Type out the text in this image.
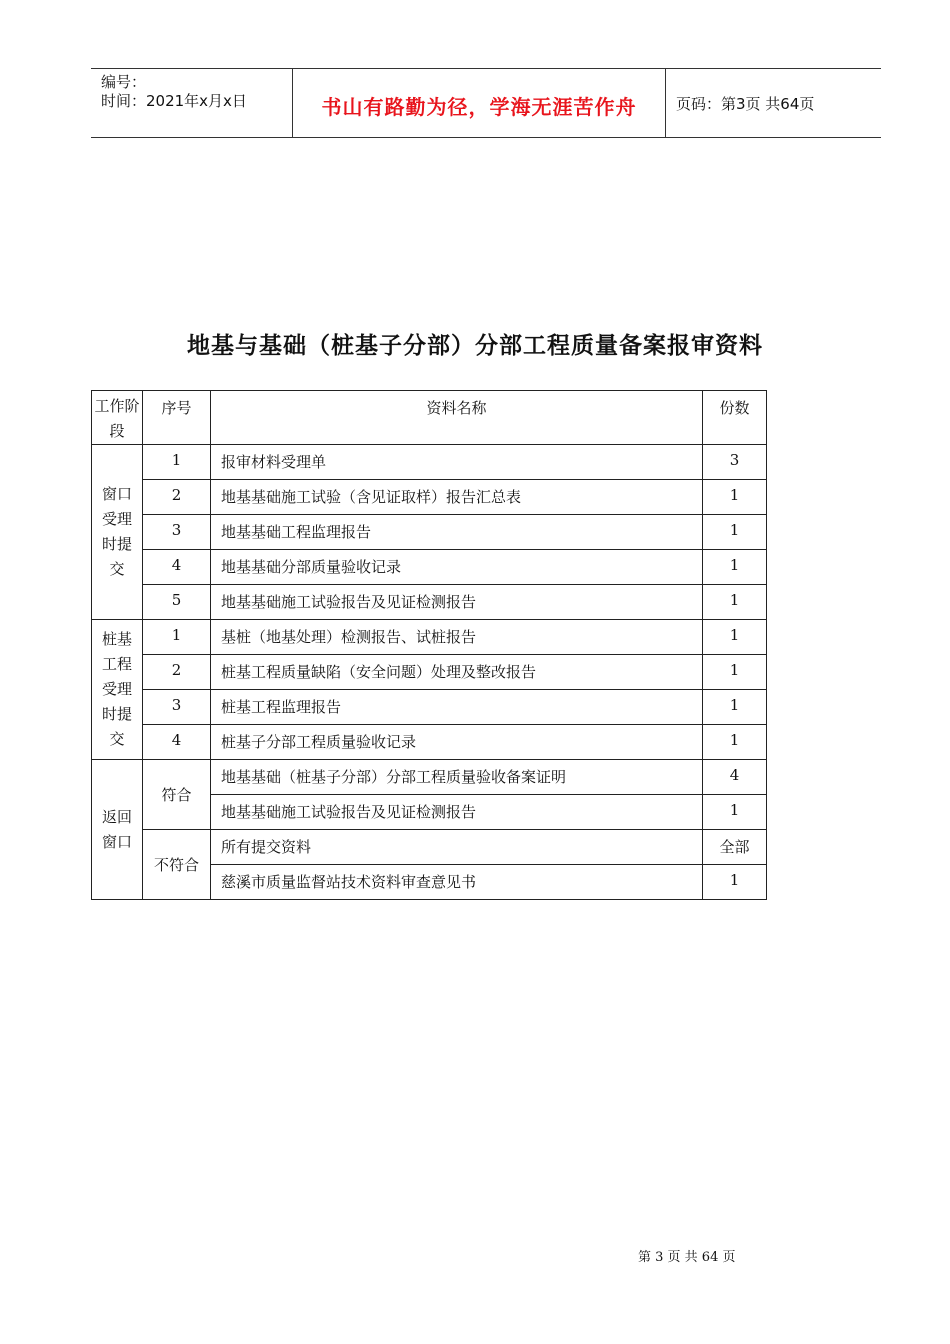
编号：
时间：2021年x月x日	书山有路勤为径，学海无涯苦作舟	页码：第3页 共64页
地基与基础（桩基子分部）分部工程质量备案报审资料
工作阶段	序号	资料名称	份数

窗口受理时提交	1	报审材料受理单	3

	2	地基基础施工试验（含见证取样）报告汇总表	1

	3	地基基础工程监理报告	1

	4	地基基础分部质量验收记录	1

	5	地基基础施工试验报告及见证检测报告	1

桩基工程受理时提交	1	基桩（地基处理）检测报告、试桩报告	1

	2	桩基工程质量缺陷（安全问题）处理及整改报告	1

	3	桩基工程监理报告	1

	4	桩基子分部工程质量验收记录	1

返回窗口	符合	地基基础（桩基子分部）分部工程质量验收备案证明	4

		地基基础施工试验报告及见证检测报告	1

	不符合	所有提交资料	全部

		慈溪市质量监督站技术资料审查意见书	1
第 3 页 共 64 页
